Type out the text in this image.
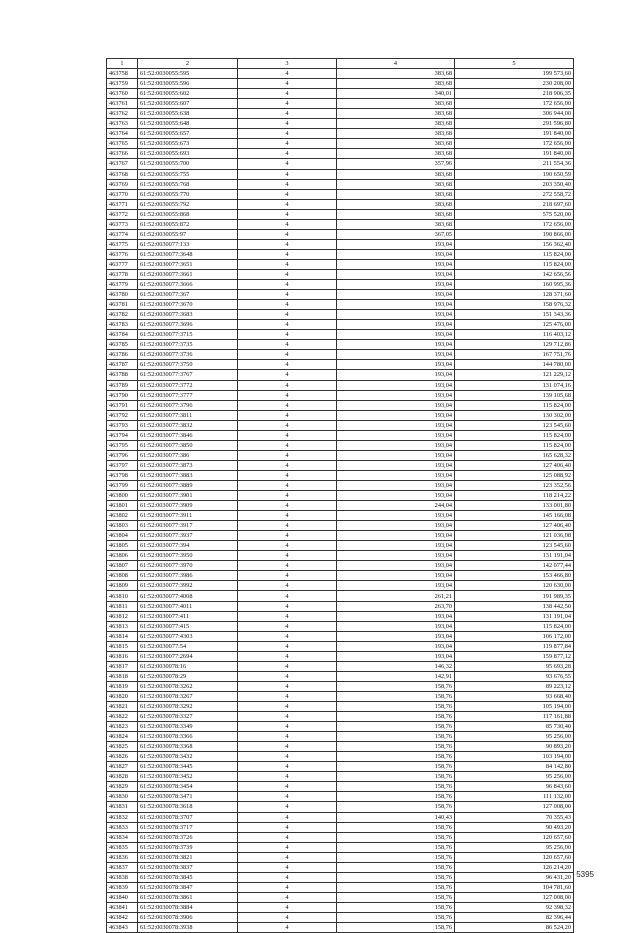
1	2	3	4	5
463758	61:52:0030055:595	4	383,68	199 573,60
463759	61:52:0030055:596	4	383,68	230 208,00
463760	61:52:0030055:602	4	340,01	218 906,35
463761	61:52:0030055:607	4	383,68	172 656,00
463762	61:52:0030055:638	4	383,68	306 944,00
463763	61:52:0030055:648	4	383,68	291 596,80
463764	61:52:0030055:657	4	383,68	191 840,00
463765	61:52:0030055:673	4	383,68	172 656,00
463766	61:52:0030055:693	4	383,68	191 840,00
463767	61:52:0030055:700	4	357,96	211 554,36
463768	61:52:0030055:755	4	383,68	190 650,59
463769	61:52:0030055:768	4	383,68	203 350,40
463770	61:52:0030055:770	4	383,68	272 558,72
463771	61:52:0030055:792	4	383,68	218 697,60
463772	61:52:0030055:868	4	383,68	575 520,00
463773	61:52:0030055:872	4	383,68	172 656,00
463774	61:52:0030055:97	4	367,05	190 866,00
463775	61:52:0030077:133	4	193,04	156 362,40
463776	61:52:0030077:3648	4	193,04	115 824,00
463777	61:52:0030077:3651	4	193,04	115 824,00
463778	61:52:0030077:3661	4	193,04	142 656,56
463779	61:52:0030077:3666	4	193,04	160 995,36
463780	61:52:0030077:367	4	193,04	128 371,60
463781	61:52:0030077:3670	4	193,04	158 976,32
463782	61:52:0030077:3683	4	193,04	151 343,36
463783	61:52:0030077:3696	4	193,04	125 476,00
463784	61:52:0030077:3715	4	193,04	116 403,12
463785	61:52:0030077:3735	4	193,04	129 712,86
463786	61:52:0030077:3736	4	193,04	167 751,76
463787	61:52:0030077:3750	4	193,04	144 780,00
463788	61:52:0030077:3767	4	193,04	121 229,12
463789	61:52:0030077:3772	4	193,04	131 074,16
463790	61:52:0030077:3777	4	193,04	139 105,68
463791	61:52:0030077:3796	4	193,04	115 824,00
463792	61:52:0030077:3811	4	193,04	130 302,00
463793	61:52:0030077:3832	4	193,04	123 545,60
463794	61:52:0030077:3846	4	193,04	115 824,00
463795	61:52:0030077:3850	4	193,04	115 824,00
463796	61:52:0030077:386	4	193,04	165 628,32
463797	61:52:0030077:3873	4	193,04	127 406,40
463798	61:52:0030077:3883	4	193,04	125 088,92
463799	61:52:0030077:3889	4	193,04	123 352,56
463800	61:52:0030077:3901	4	193,04	118 214,22
463801	61:52:0030077:3909	4	244,04	133 001,80
463802	61:52:0030077:3911	4	193,04	145 166,08
463803	61:52:0030077:3917	4	193,04	127 406,40
463804	61:52:0030077:3937	4	193,04	121 036,08
463805	61:52:0030077:394	4	193,04	123 545,60
463806	61:52:0030077:3950	4	193,04	131 191,04
463807	61:52:0030077:3970	4	193,04	142 077,44
463808	61:52:0030077:3986	4	193,04	153 466,80
463809	61:52:0030077:3992	4	193,04	120 630,00
463810	61:52:0030077:4008	4	261,21	191 989,35
463811	61:52:0030077:4011	4	263,70	138 442,50
463812	61:52:0030077:411	4	193,04	131 191,04
463813	61:52:0030077:415	4	193,04	115 824,00
463814	61:52:0030077:4303	4	193,04	106 172,00
463815	61:52:0030077:54	4	193,04	119 877,84
463816	61:52:0030077:2694	4	193,04	159 877,12
463817	61:52:0030078:16	4	146,32	95 693,28
463818	61:52:0030078:29	4	142,91	93 676,55
463819	61:52:0030078:3262	4	158,76	89 223,12
463820	61:52:0030078:3267	4	158,76	93 668,40
463821	61:52:0030078:3292	4	158,76	105 194,00
463822	61:52:0030078:3327	4	158,76	117 161,88
463823	61:52:0030078:3349	4	158,76	85 730,40
463824	61:52:0030078:3366	4	158,76	95 256,00
463825	61:52:0030078:3368	4	158,76	90 893,20
463826	61:52:0030078:3432	4	158,76	103 194,00
463827	61:52:0030078:3445	4	158,76	84 142,80
463828	61:52:0030078:3452	4	158,76	95 256,00
463829	61:52:0030078:3454	4	158,76	96 843,60
463830	61:52:0030078:3471	4	158,76	111 132,00
463831	61:52:0030078:3618	4	158,76	127 008,00
463832	61:52:0030078:3707	4	140,43	70 355,43
463833	61:52:0030078:3717	4	158,76	90 493,20
463834	61:52:0030078:3726	4	158,76	120 657,60
463835	61:52:0030078:3739	4	158,76	95 256,00
463836	61:52:0030078:3821	4	158,76	120 657,60
463837	61:52:0030078:3837	4	158,76	126 214,20
463838	61:52:0030078:3845	4	158,76	96 431,20
463839	61:52:0030078:3847	4	158,76	104 781,60
463840	61:52:0030078:3861	4	158,76	127 008,00
463841	61:52:0030078:3884	4	158,76	92 398,32
463842	61:52:0030078:3906	4	158,76	82 396,44
463843	61:52:0030078:3938	4	158,76	86 524,20
5395
